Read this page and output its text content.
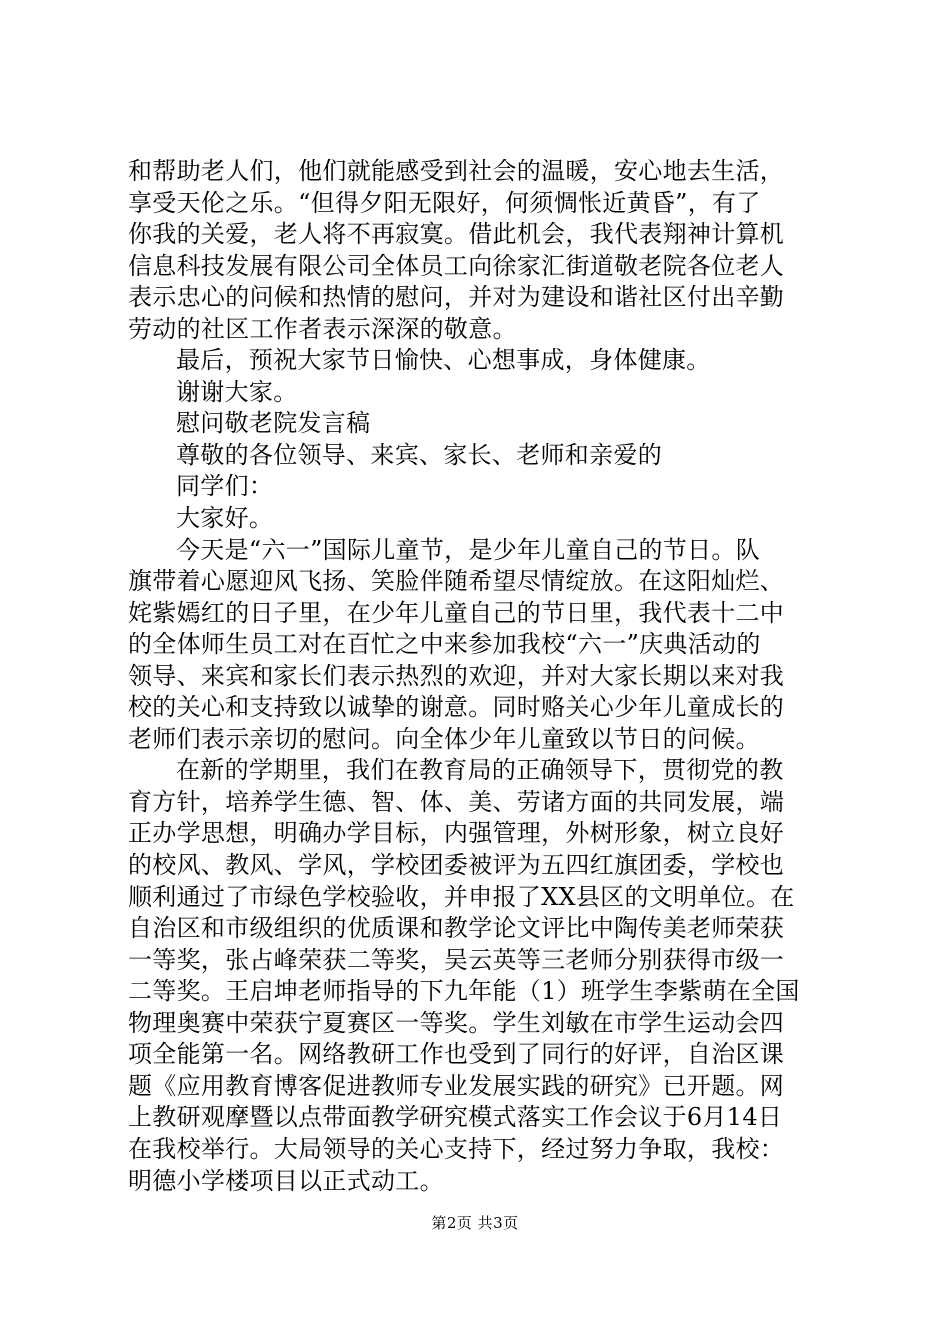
和帮助老人们，他们就能感受到社会的温暖，安心地去生活，
享受天伦之乐。“但得夕阳无限好，何须惆怅近黄昏”，有了
你我的关爱，老人将不再寂寞。借此机会，我代表翔神计算机
信息科技发展有限公司全体员工向徐家汇街道敬老院各位老人
表示忠心的问候和热情的慰问，并对为建设和谐社区付出辛勤
劳动的社区工作者表示深深的敬意。
最后，预祝大家节日愉快、心想事成，身体健康。
谢谢大家。
慰问敬老院发言稿
尊敬的各位领导、来宾、家长、老师和亲爱的
同学们：
大家好。
今天是“六一”国际儿童节，是少年儿童自己的节日。队
旗带着心愿迎风飞扬、笑脸伴随希望尽情绽放。在这阳灿烂、
姹紫嫣红的日子里，在少年儿童自己的节日里，我代表十二中
的全体师生员工对在百忙之中来参加我校“六一”庆典活动的
领导、来宾和家长们表示热烈的欢迎，并对大家长期以来对我
校的关心和支持致以诚挚的谢意。同时赂关心少年儿童成长的
老师们表示亲切的慰问。向全体少年儿童致以节日的问候。
在新的学期里，我们在教育局的正确领导下，贯彻党的教
育方针，培养学生德、智、体、美、劳诸方面的共同发展，端
正办学思想，明确办学目标，内强管理，外树形象，树立良好
的校风、教风、学风，学校团委被评为五四红旗团委，学校也
顺利通过了市绿色学校验收，并申报了XX县区的文明单位。在
自治区和市级组织的优质课和教学论文评比中陶传美老师荣获
一等奖，张占峰荣获二等奖，吴云英等三老师分别获得市级一
二等奖。王启坤老师指导的下九年能（1）班学生李紫萌在全国
物理奥赛中荣获宁夏赛区一等奖。学生刘敏在市学生运动会四
项全能第一名。网络教研工作也受到了同行的好评，自治区课
题《应用教育博客促进教师专业发展实践的研究》已开题。网
上教研观摩暨以点带面教学研究模式落实工作会议于6月14日
在我校举行。大局领导的关心支持下，经过努力争取，我校：
明德小学楼项目以正式动工。
第2页 共3页
